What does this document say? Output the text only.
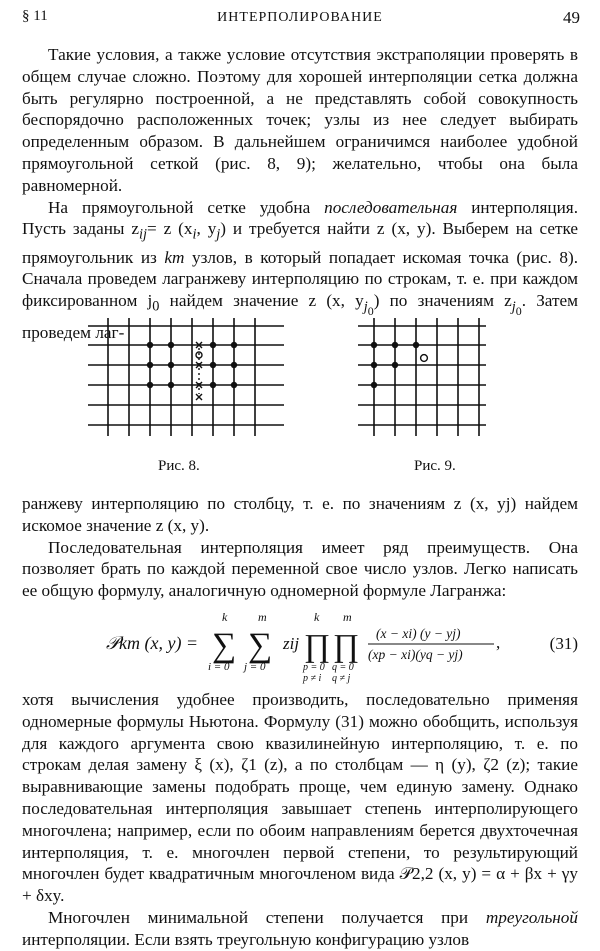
§ 11	ИНТЕРПОЛИРОВАНИЕ	49

Такие условия, а также условие отсутствия экстраполяции проверять в общем случае сложно. Поэтому для хорошей интерполяции сетка должна быть регулярно построенной, а не представлять собой совокупность беспорядочно расположенных точек; узлы из нее следует выбирать определенным образом. В дальнейшем ограничимся наиболее удобной прямоугольной сеткой (рис. 8, 9); желательно, чтобы она была равномерной.

На прямоугольной сетке удобна последовательная интерполяция. Пусть заданы $z_{ij}= z$ ($x_i$, $y_j$) и требуется найти z (x, y). Выберем на сетке прямоугольник из km узлов, в который попадает искомая точка (рис. 8). Сначала проведем лагранжеву интерполяцию по строкам, т. е. при каждом фиксированном $j_0$ найдем значение z (x, $y_{j_0}$) по значениям $z_{j_0}$. Затем проведем лаг-

Рис. 8.	Рис. 9.

ранжеву интерполяцию по столбцу, т. е. по значениям z (x, yj) найдем искомое значение z (x, y).

Последовательная интерполяция имеет ряд преимуществ. Она позволяет брать по каждой переменной свое число узлов. Легко написать ее общую формулу, аналогичную одномерной формуле Лагранжа:

𝒫km (x, y) =
k
∑
i = 0
m
∑
j = 0
zij
k
∏
p = 0
p ≠ i
m
∏
q = 0
q ≠ j
(x − xi) (y − yj)
(xp − xi)(yq − yj)
,	(31)

хотя вычисления удобнее производить, последовательно применяя одномерные формулы Ньютона. Формулу (31) можно обобщить, используя для каждого аргумента свою квазилинейную интерполяцию, т. е. по строкам делая замену ξ (x), ζ1 (z), а по столбцам — η (y), ζ2 (z); такие выравнивающие замены подобрать проще, чем единую замену. Однако последовательная интерполяция завышает степень интерполирующего многочлена; например, если по обоим направлениям берется двухточечная интерполяция, т. е. многочлен первой степени, то результирующий многочлен будет квадратичным многочленом вида 𝒫2,2 (x, y) = α + βx + γy + δxy.

Многочлен минимальной степени получается при треугольной интерполяции. Если взять треугольную конфигурацию узлов
